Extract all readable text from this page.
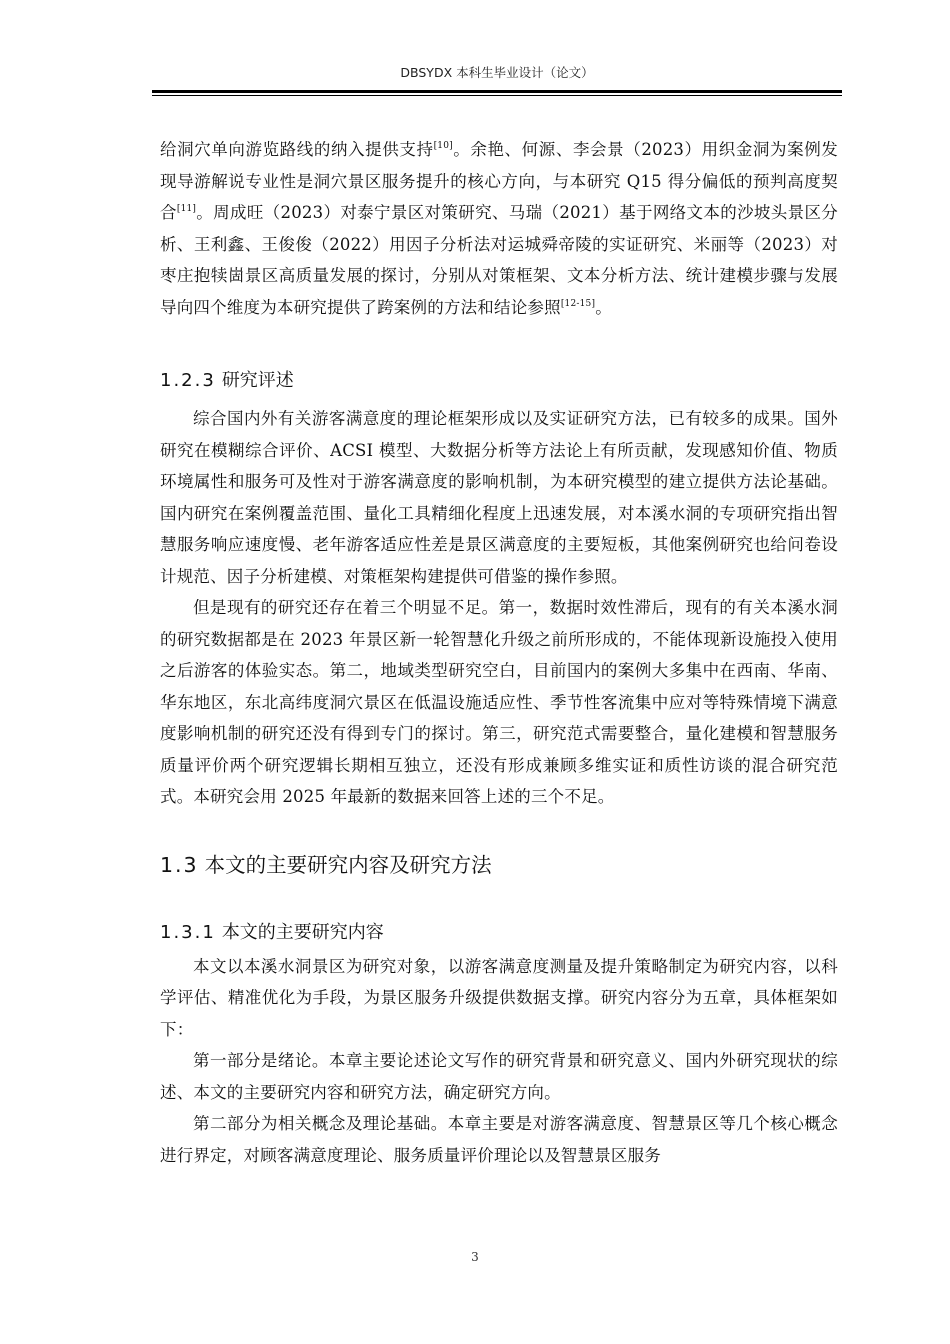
DBSYDX 本科生毕业设计（论文）

给洞穴单向游览路线的纳入提供支持[10]。余艳、何源、李会景（2023）用织金洞为案例发现导游解说专业性是洞穴景区服务提升的核心方向，与本研究 Q15 得分偏低的预判高度契合[11]。周成旺（2023）对泰宁景区对策研究、马瑞（2021）基于网络文本的沙坡头景区分析、王利鑫、王俊俊（2022）用因子分析法对运城舜帝陵的实证研究、米丽等（2023）对枣庄抱犊崮景区高质量发展的探讨，分别从对策框架、文本分析方法、统计建模步骤与发展导向四个维度为本研究提供了跨案例的方法和结论参照[12-15]。

1.2.3 研究评述

综合国内外有关游客满意度的理论框架形成以及实证研究方法，已有较多的成果。国外研究在模糊综合评价、ACSI 模型、大数据分析等方法论上有所贡献，发现感知价值、物质环境属性和服务可及性对于游客满意度的影响机制，为本研究模型的建立提供方法论基础。国内研究在案例覆盖范围、量化工具精细化程度上迅速发展，对本溪水洞的专项研究指出智慧服务响应速度慢、老年游客适应性差是景区满意度的主要短板，其他案例研究也给问卷设计规范、因子分析建模、对策框架构建提供可借鉴的操作参照。

但是现有的研究还存在着三个明显不足。第一，数据时效性滞后，现有的有关本溪水洞的研究数据都是在 2023 年景区新一轮智慧化升级之前所形成的，不能体现新设施投入使用之后游客的体验实态。第二，地域类型研究空白，目前国内的案例大多集中在西南、华南、华东地区，东北高纬度洞穴景区在低温设施适应性、季节性客流集中应对等特殊情境下满意度影响机制的研究还没有得到专门的探讨。第三，研究范式需要整合，量化建模和智慧服务质量评价两个研究逻辑长期相互独立，还没有形成兼顾多维实证和质性访谈的混合研究范式。本研究会用 2025 年最新的数据来回答上述的三个不足。

1.3 本文的主要研究内容及研究方法
1.3.1 本文的主要研究内容

本文以本溪水洞景区为研究对象，以游客满意度测量及提升策略制定为研究内容，以科学评估、精准优化为手段，为景区服务升级提供数据支撑。研究内容分为五章，具体框架如下：

第一部分是绪论。本章主要论述论文写作的研究背景和研究意义、国内外研究现状的综述、本文的主要研究内容和研究方法，确定研究方向。

第二部分为相关概念及理论基础。本章主要是对游客满意度、智慧景区等几个核心概念进行界定，对顾客满意度理论、服务质量评价理论以及智慧景区服务

3
